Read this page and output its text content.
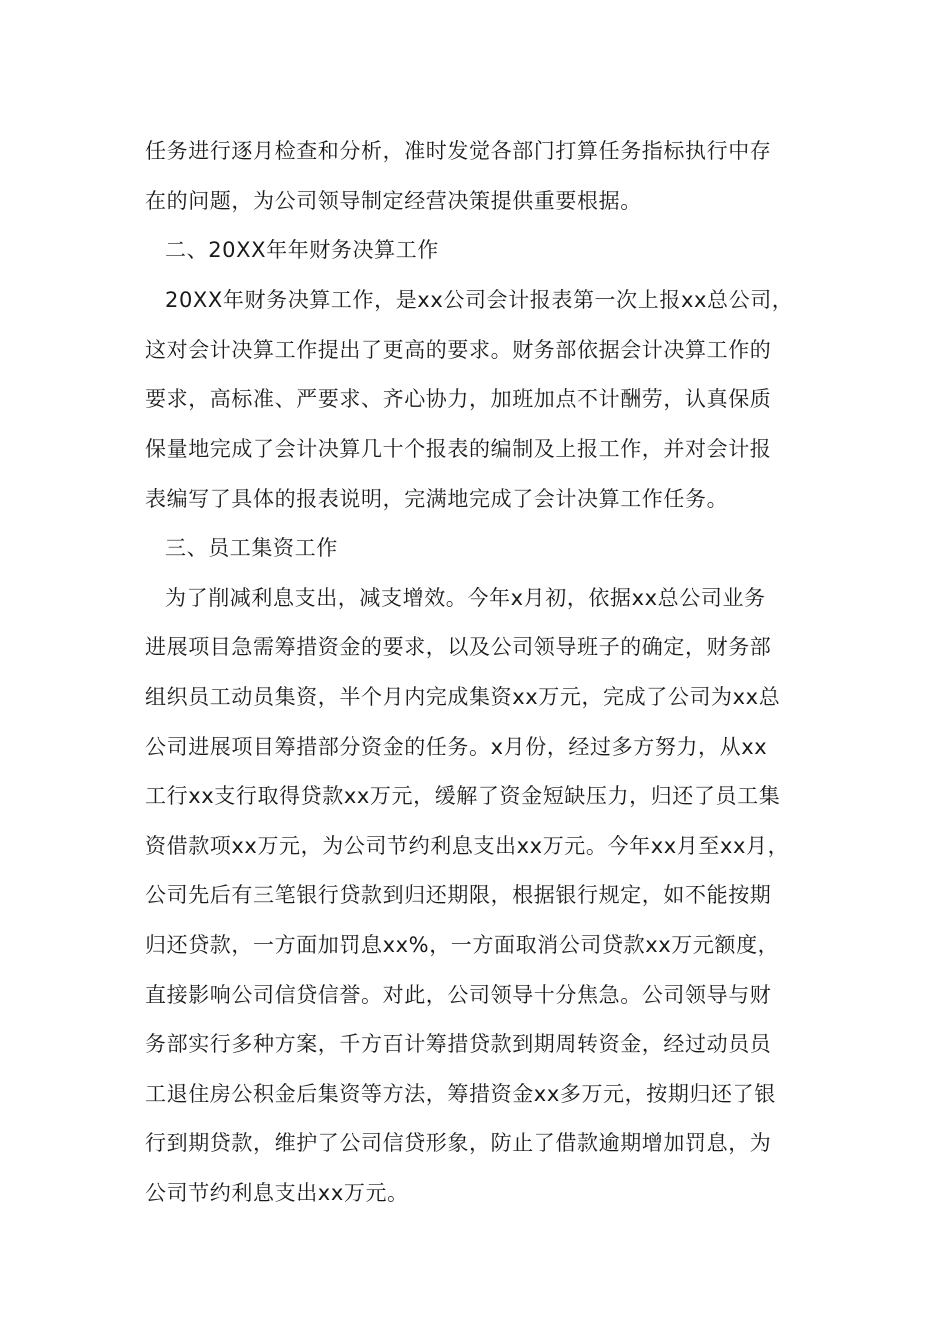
任务进行逐月检查和分析，准时发觉各部门打算任务指标执行中存
在的问题，为公司领导制定经营决策提供重要根据。
二、20XX年年财务决算工作
20XX年财务决算工作，是xx公司会计报表第一次上报xx总公司，
这对会计决算工作提出了更高的要求。财务部依据会计决算工作的
要求，高标准、严要求、齐心协力，加班加点不计酬劳，认真保质
保量地完成了会计决算几十个报表的编制及上报工作，并对会计报
表编写了具体的报表说明，完满地完成了会计决算工作任务。
三、员工集资工作
为了削减利息支出，减支增效。今年x月初，依据xx总公司业务
进展项目急需筹措资金的要求，以及公司领导班子的确定，财务部
组织员工动员集资，半个月内完成集资xx万元，完成了公司为xx总
公司进展项目筹措部分资金的任务。x月份，经过多方努力，从xx
工行xx支行取得贷款xx万元，缓解了资金短缺压力，归还了员工集
资借款项xx万元，为公司节约利息支出xx万元。今年xx月至xx月，
公司先后有三笔银行贷款到归还期限，根据银行规定，如不能按期
归还贷款，一方面加罚息xx%，一方面取消公司贷款xx万元额度，
直接影响公司信贷信誉。对此，公司领导十分焦急。公司领导与财
务部实行多种方案，千方百计筹措贷款到期周转资金，经过动员员
工退住房公积金后集资等方法，筹措资金xx多万元，按期归还了银
行到期贷款，维护了公司信贷形象，防止了借款逾期增加罚息，为
公司节约利息支出xx万元。
